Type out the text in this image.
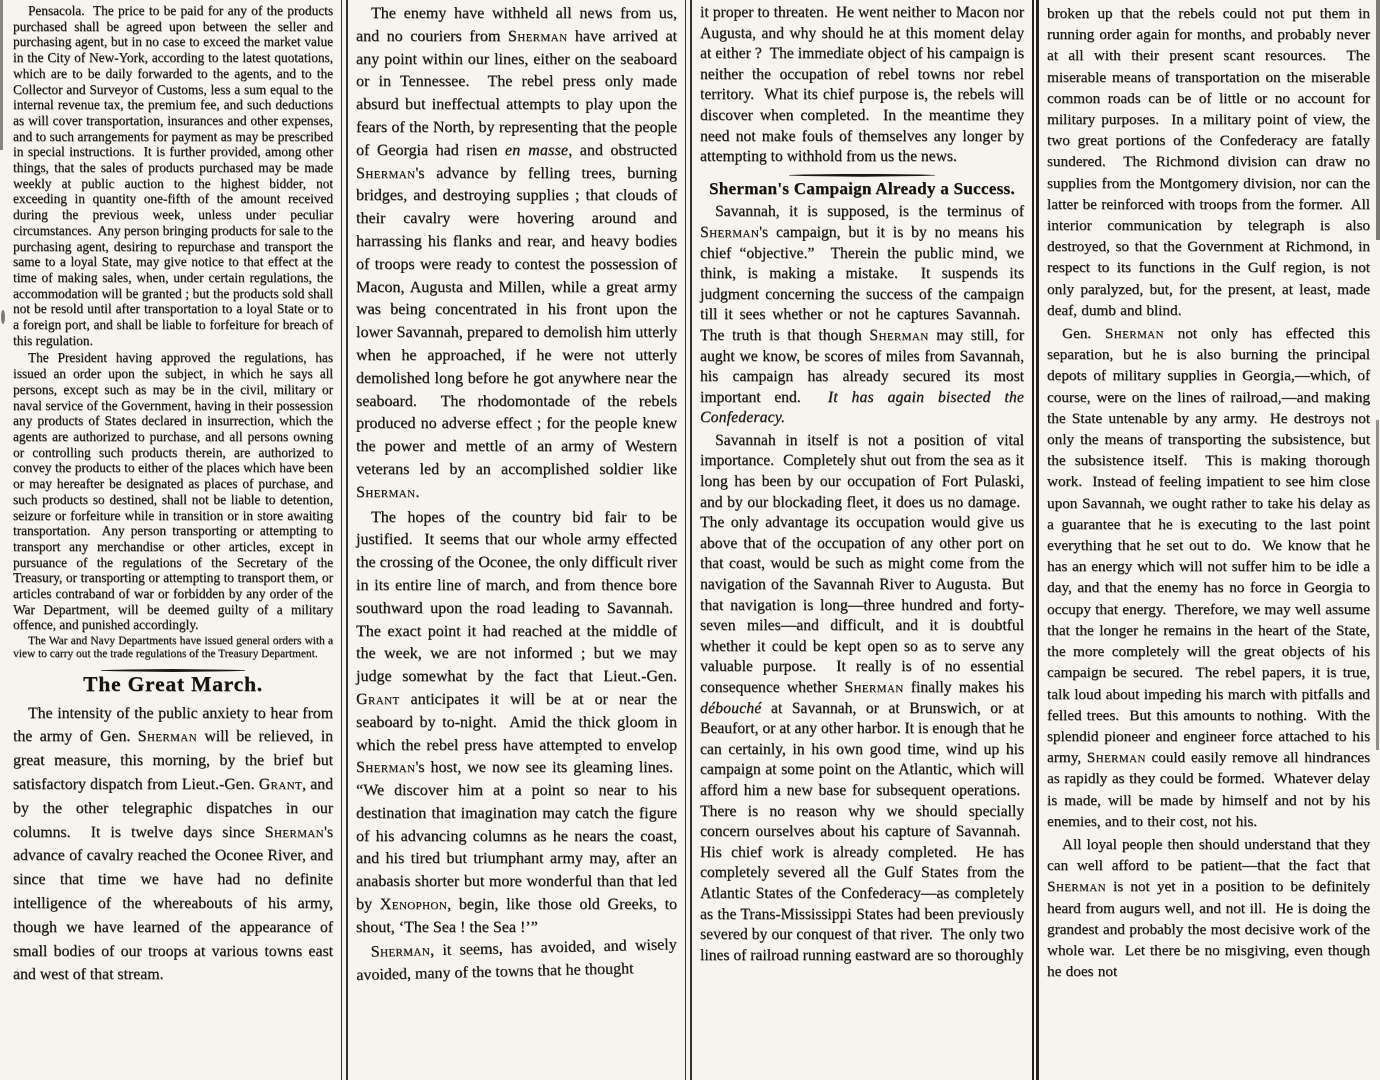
Pensacola.  The price to be paid for any of the products purchased shall be agreed upon between the seller and purchasing agent, but in no case to exceed the market value in the City of New-York, according to the latest quotations, which are to be daily forwarded to the agents, and to the Collector and Surveyor of Customs, less a sum equal to the internal revenue tax, the premium fee, and such deductions as will cover transportation, insurances and other expenses, and to such arrangements for payment as may be prescribed in special instructions.  It is further provided, among other things, that the sales of products purchased may be made weekly at public auction to the highest bidder, not exceeding in quantity one-fifth of the amount received during the previous week, unless under peculiar circumstances.  Any person bringing products for sale to the purchasing agent, desiring to repurchase and transport the same to a loyal State, may give notice to that effect at the time of making sales, when, under certain regulations, the accommodation will be granted ; but the products sold shall not be resold until after transportation to a loyal State or to a foreign port, and shall be liable to forfeiture for breach of this regulation.

The President having approved the regulations, has issued an order upon the subject, in which he says all persons, except such as may be in the civil, military or naval service of the Government, having in their possession any products of States declared in insurrection, which the agents are authorized to purchase, and all persons owning or controlling such products therein, are authorized to convey the products to either of the places which have been or may hereafter be designated as places of purchase, and such products so destined, shall not be liable to detention, seizure or forfeiture while in transition or in store awaiting transportation.  Any person transporting or attempting to transport any merchandise or other articles, except in pursuance of the regulations of the Secretary of the Treasury, or transporting or attempting to transport them, or articles contraband of war or forbidden by any order of the War Department, will be deemed guilty of a military offence, and punished accordingly.

The War and Navy Departments have issued general orders with a view to carry out the trade regulations of the Treasury Department.

The Great March.

The intensity of the public anxiety to hear from the army of Gen. Sherman will be relieved, in great measure, this morning, by the brief but satisfactory dispatch from Lieut.-Gen. Grant, and by the other telegraphic dispatches in our columns.  It is twelve days since Sherman's advance of cavalry reached the Oconee River, and since that time we have had no definite intelligence of the whereabouts of his army, though we have learned of the appearance of small bodies of our troops at various towns east and west of that stream.

The enemy have withheld all news from us, and no couriers from Sherman have arrived at any point within our lines, either on the seaboard or in Tennessee.  The rebel press only made absurd but ineffectual attempts to play upon the fears of the North, by representing that the people of Georgia had risen en masse, and obstructed Sherman's advance by felling trees, burning bridges, and destroying supplies ; that clouds of their cavalry were hovering around and harrassing his flanks and rear, and heavy bodies of troops were ready to contest the possession of Macon, Augusta and Millen, while a great army was being concentrated in his front upon the lower Savannah, prepared to demolish him utterly when he approached, if he were not utterly demolished long before he got anywhere near the seaboard.  The rhodomontade of the rebels produced no adverse effect ; for the people knew the power and mettle of an army of Western veterans led by an accomplished soldier like Sherman.

The hopes of the country bid fair to be justified.  It seems that our whole army effected the crossing of the Oconee, the only difficult river in its entire line of march, and from thence bore southward upon the road leading to Savannah.  The exact point it had reached at the middle of the week, we are not informed ; but we may judge somewhat by the fact that Lieut.-Gen. Grant anticipates it will be at or near the seaboard by to-night.  Amid the thick gloom in which the rebel press have attempted to envelop Sherman's host, we now see its gleaming lines.  “We discover him at a point so near to his destination that imagination may catch the figure of his advancing columns as he nears the coast, and his tired but triumphant army may, after an anabasis shorter but more wonderful than that led by Xenophon, begin, like those old Greeks, to shout, ‘The Sea ! the Sea !’”

Sherman, it seems, has avoided, and wisely avoided, many of the towns that he thought

it proper to threaten.  He went neither to Macon nor Augusta, and why should he at this moment delay at either ?  The immediate object of his campaign is neither the occupation of rebel towns nor rebel territory.  What its chief purpose is, the rebels will discover when completed.  In the meantime they need not make fouls of themselves any longer by attempting to withhold from us the news.

Sherman's Campaign Already a Success.

Savannah, it is supposed, is the terminus of Sherman's campaign, but it is by no means his chief “objective.”  Therein the public mind, we think, is making a mistake.  It suspends its judgment concerning the success of the campaign till it sees whether or not he captures Savannah.  The truth is that though Sherman may still, for aught we know, be scores of miles from Savannah, his campaign has already secured its most important end.  It has again bisected the Confederacy.

Savannah in itself is not a position of vital importance.  Completely shut out from the sea as it long has been by our occupation of Fort Pulaski, and by our blockading fleet, it does us no damage.  The only advantage its occupation would give us above that of the occupation of any other port on that coast, would be such as might come from the navigation of the Savannah River to Augusta.  But that navigation is long—three hundred and forty-seven miles—and difficult, and it is doubtful whether it could be kept open so as to serve any valuable purpose.  It really is of no essential consequence whether Sherman finally makes his débouché at Savannah, or at Brunswich, or at Beaufort, or at any other harbor. It is enough that he can certainly, in his own good time, wind up his campaign at some point on the Atlantic, which will afford him a new base for subsequent operations.  There is no reason why we should specially concern ourselves about his capture of Savannah.  His chief work is already completed.  He has completely severed all the Gulf States from the Atlantic States of the Confederacy—as completely as the Trans-Mississippi States had been previously severed by our conquest of that river.  The only two lines of railroad running eastward are so thoroughly

broken up that the rebels could not put them in running order again for months, and probably never at all with their present scant resources.  The miserable means of transportation on the miserable common roads can be of little or no account for military purposes.  In a military point of view, the two great portions of the Confederacy are fatally sundered.  The Richmond division can draw no supplies from the Montgomery division, nor can the latter be reinforced with troops from the former.  All interior communication by telegraph is also destroyed, so that the Government at Richmond, in respect to its functions in the Gulf region, is not only paralyzed, but, for the present, at least, made deaf, dumb and blind.

Gen. Sherman not only has effected this separation, but he is also burning the principal depots of military supplies in Georgia,—which, of course, were on the lines of railroad,—and making the State untenable by any army.  He destroys not only the means of transporting the subsistence, but the subsistence itself.  This is making thorough work.  Instead of feeling impatient to see him close upon Savannah, we ought rather to take his delay as a guarantee that he is executing to the last point everything that he set out to do.  We know that he has an energy which will not suffer him to be idle a day, and that the enemy has no force in Georgia to occupy that energy.  Therefore, we may well assume that the longer he remains in the heart of the State, the more completely will the great objects of his campaign be secured.  The rebel papers, it is true, talk loud about impeding his march with pitfalls and felled trees.  But this amounts to nothing.  With the splendid pioneer and engineer force attached to his army, Sherman could easily remove all hindrances as rapidly as they could be formed.  Whatever delay is made, will be made by himself and not by his enemies, and to their cost, not his.

All loyal people then should understand that they can well afford to be patient—that the fact that Sherman is not yet in a position to be definitely heard from augurs well, and not ill.  He is doing the grandest and probably the most decisive work of the whole war.  Let there be no misgiving, even though he does not
